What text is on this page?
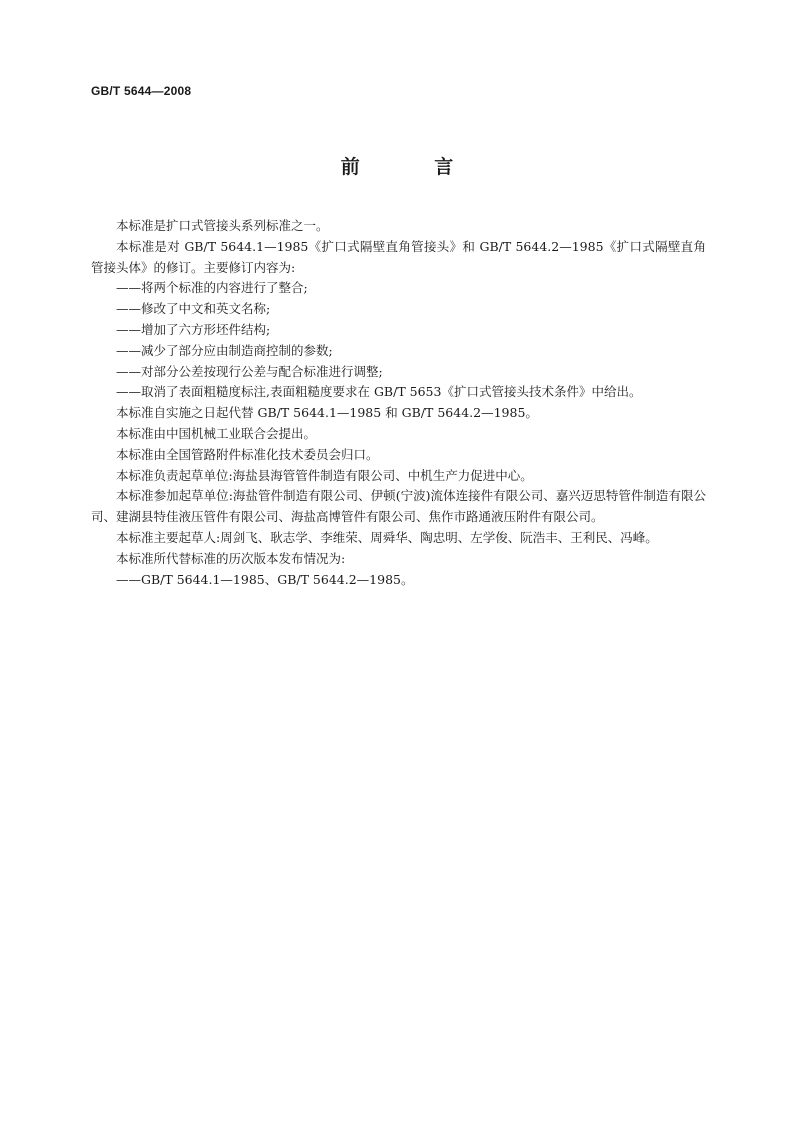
GB/T 5644—2008
前 言

本标准是扩口式管接头系列标准之一。

本标准是对 GB/T 5644.1—1985《扩口式隔壁直角管接头》和 GB/T 5644.2—1985《扩口式隔壁直角管接头体》的修订。主要修订内容为:

——将两个标准的内容进行了整合;

——修改了中文和英文名称;

——增加了六方形坯件结构;

——减少了部分应由制造商控制的参数;

——对部分公差按现行公差与配合标准进行调整;

——取消了表面粗糙度标注,表面粗糙度要求在 GB/T 5653《扩口式管接头技术条件》中给出。

本标准自实施之日起代替 GB/T 5644.1—1985 和 GB/T 5644.2—1985。

本标准由中国机械工业联合会提出。

本标准由全国管路附件标准化技术委员会归口。

本标准负责起草单位:海盐县海管管件制造有限公司、中机生产力促进中心。

本标准参加起草单位:海盐管件制造有限公司、伊顿(宁波)流体连接件有限公司、嘉兴迈思特管件制造有限公司、建湖县特佳液压管件有限公司、海盐高博管件有限公司、焦作市路通液压附件有限公司。

本标准主要起草人:周剑飞、耿志学、李维荣、周舜华、陶忠明、左学俊、阮浩丰、王利民、冯峰。

本标准所代替标准的历次版本发布情况为:

——GB/T 5644.1—1985、GB/T 5644.2—1985。
